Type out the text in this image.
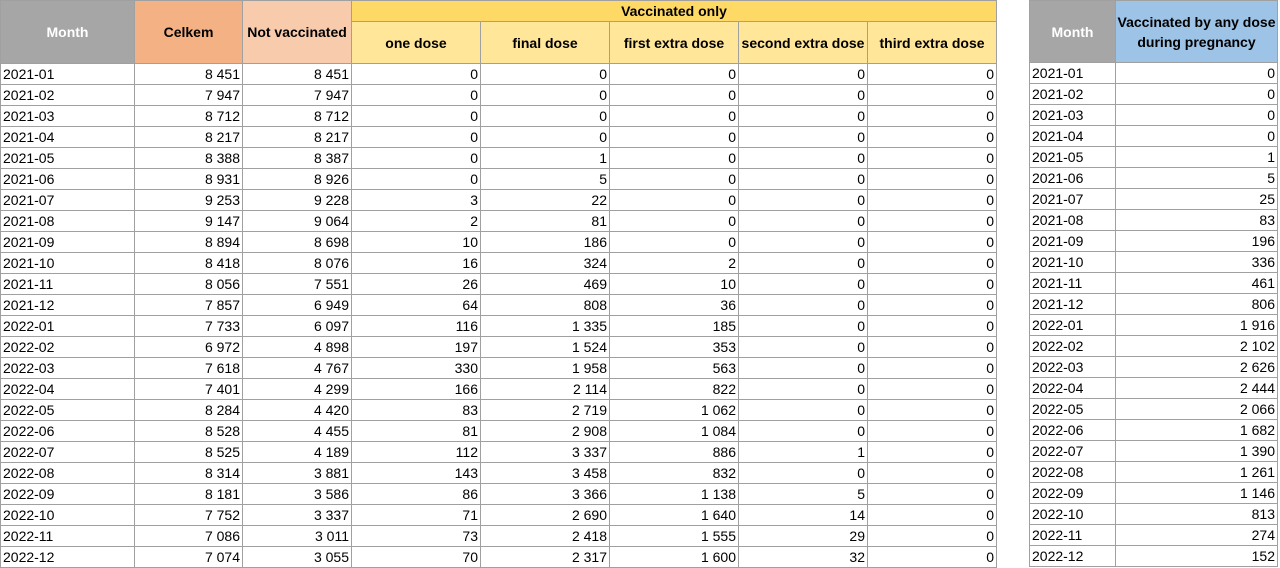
Month	Celkem	Not vaccinated	Vaccinated only				
			one dose	final dose	first extra dose	second extra dose	third extra dose
2021-01	8 451	8 451	0	0	0	0	0
2021-02	7 947	7 947	0	0	0	0	0
2021-03	8 712	8 712	0	0	0	0	0
2021-04	8 217	8 217	0	0	0	0	0
2021-05	8 388	8 387	0	1	0	0	0
2021-06	8 931	8 926	0	5	0	0	0
2021-07	9 253	9 228	3	22	0	0	0
2021-08	9 147	9 064	2	81	0	0	0
2021-09	8 894	8 698	10	186	0	0	0
2021-10	8 418	8 076	16	324	2	0	0
2021-11	8 056	7 551	26	469	10	0	0
2021-12	7 857	6 949	64	808	36	0	0
2022-01	7 733	6 097	116	1 335	185	0	0
2022-02	6 972	4 898	197	1 524	353	0	0
2022-03	7 618	4 767	330	1 958	563	0	0
2022-04	7 401	4 299	166	2 114	822	0	0
2022-05	8 284	4 420	83	2 719	1 062	0	0
2022-06	8 528	4 455	81	2 908	1 084	0	0
2022-07	8 525	4 189	112	3 337	886	1	0
2022-08	8 314	3 881	143	3 458	832	0	0
2022-09	8 181	3 586	86	3 366	1 138	5	0
2022-10	7 752	3 337	71	2 690	1 640	14	0
2022-11	7 086	3 011	73	2 418	1 555	29	0
2022-12	7 074	3 055	70	2 317	1 600	32	0
Month	Vaccinated by any dose during pregnancy
2021-01	0
2021-02	0
2021-03	0
2021-04	0
2021-05	1
2021-06	5
2021-07	25
2021-08	83
2021-09	196
2021-10	336
2021-11	461
2021-12	806
2022-01	1 916
2022-02	2 102
2022-03	2 626
2022-04	2 444
2022-05	2 066
2022-06	1 682
2022-07	1 390
2022-08	1 261
2022-09	1 146
2022-10	813
2022-11	274
2022-12	152
